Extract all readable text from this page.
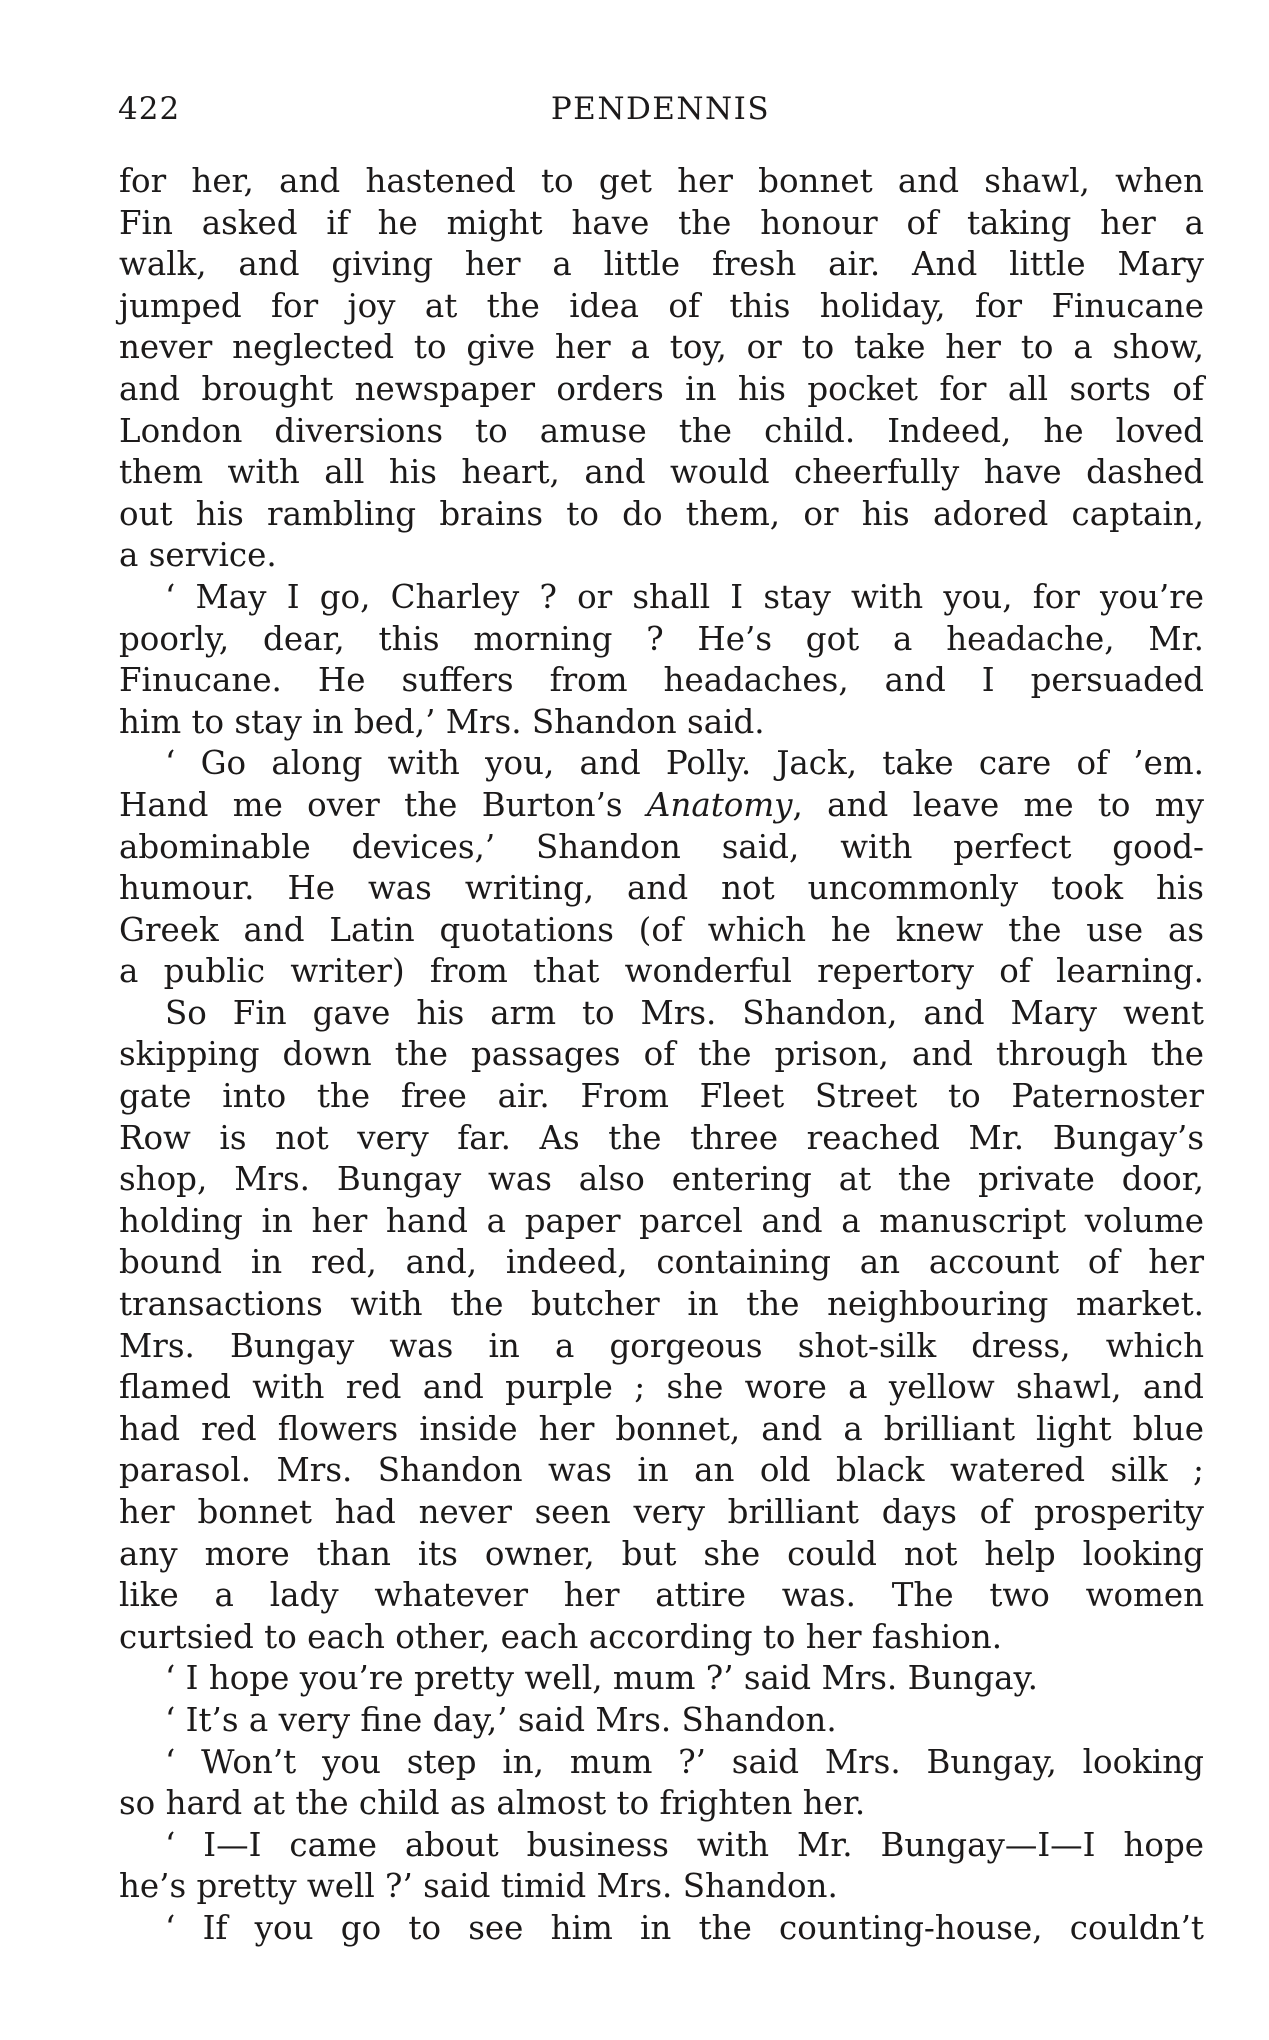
422	PENDENNIS
for her, and hastened to get her bonnet and shawl, when
Fin asked if he might have the honour of taking her a
walk, and giving her a little fresh air. And little Mary
jumped for joy at the idea of this holiday, for Finucane
never neglected to give her a toy, or to take her to a show,
and brought newspaper orders in his pocket for all sorts of
London diversions to amuse the child. Indeed, he loved
them with all his heart, and would cheerfully have dashed
out his rambling brains to do them, or his adored captain,
a service.
‘ May I go, Charley ? or shall I stay with you, for you’re
poorly, dear, this morning ? He’s got a headache, Mr.
Finucane. He suffers from headaches, and I persuaded
him to stay in bed,’ Mrs. Shandon said.
‘ Go along with you, and Polly. Jack, take care of ’em.
Hand me over the Burton’s Anatomy, and leave me to my
abominable devices,’ Shandon said, with perfect good-
humour. He was writing, and not uncommonly took his
Greek and Latin quotations (of which he knew the use as
a public writer) from that wonderful repertory of learning.
So Fin gave his arm to Mrs. Shandon, and Mary went
skipping down the passages of the prison, and through the
gate into the free air. From Fleet Street to Paternoster
Row is not very far. As the three reached Mr. Bungay’s
shop, Mrs. Bungay was also entering at the private door,
holding in her hand a paper parcel and a manuscript volume
bound in red, and, indeed, containing an account of her
transactions with the butcher in the neighbouring market.
Mrs. Bungay was in a gorgeous shot-silk dress, which
flamed with red and purple ; she wore a yellow shawl, and
had red flowers inside her bonnet, and a brilliant light blue
parasol. Mrs. Shandon was in an old black watered silk ;
her bonnet had never seen very brilliant days of prosperity
any more than its owner, but she could not help looking
like a lady whatever her attire was. The two women
curtsied to each other, each according to her fashion.
‘ I hope you’re pretty well, mum ?’ said Mrs. Bungay.
‘ It’s a very fine day,’ said Mrs. Shandon.
‘ Won’t you step in, mum ?’ said Mrs. Bungay, looking
so hard at the child as almost to frighten her.
‘ I—I came about business with Mr. Bungay—I—I hope
he’s pretty well ?’ said timid Mrs. Shandon.
‘ If you go to see him in the counting-house, couldn’t
